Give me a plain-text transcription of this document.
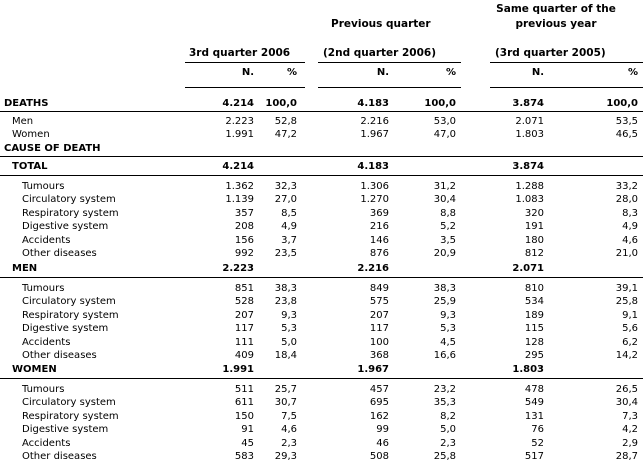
3rd quarter 2006
Previous quarter
(2nd quarter 2006)
Same quarter of the
previous year
(3rd quarter 2005)
N.	%	N.	%	N.	%
DEATHS	4.214 100,0	4.183	100,0	3.874	100,0
Men	2.223 52,8	2.216	53,0	2.071	53,5
Women	1.991 47,2	1.967	47,0	1.803	46,5
CAUSE OF DEATH
TOTAL	4.214	4.183	3.874
Tumours	1.362 32,3	1.306	31,2	1.288	33,2
Circulatory system	1.139 27,0	1.270	30,4	1.083	28,0
Respiratory system	357	8,5	369	8,8	320	8,3
Digestive system	208	4,9	216	5,2	191	4,9
Accidents	156	3,7	146	3,5	180	4,6
Other diseases	992 23,5	876	20,9	812	21,0
MEN	2.223	2.216	2.071
Tumours	851 38,3	849	38,3	810	39,1
Circulatory system	528 23,8	575	25,9	534	25,8
Respiratory system	207	9,3	207	9,3	189	9,1
Digestive system	117	5,3	117	5,3	115	5,6
Accidents	111	5,0	100	4,5	128	6,2
Other diseases	409 18,4	368	16,6	295	14,2
WOMEN	1.991	1.967	1.803
Tumours	511 25,7	457	23,2	478	26,5
Circulatory system	611 30,7	695	35,3	549	30,4
Respiratory system	150	7,5	162	8,2	131	7,3
Digestive system	91	4,6	99	5,0	76	4,2
Accidents	45	2,3	46	2,3	52	2,9
Other diseases	583 29,3	508	25,8	517	28,7
